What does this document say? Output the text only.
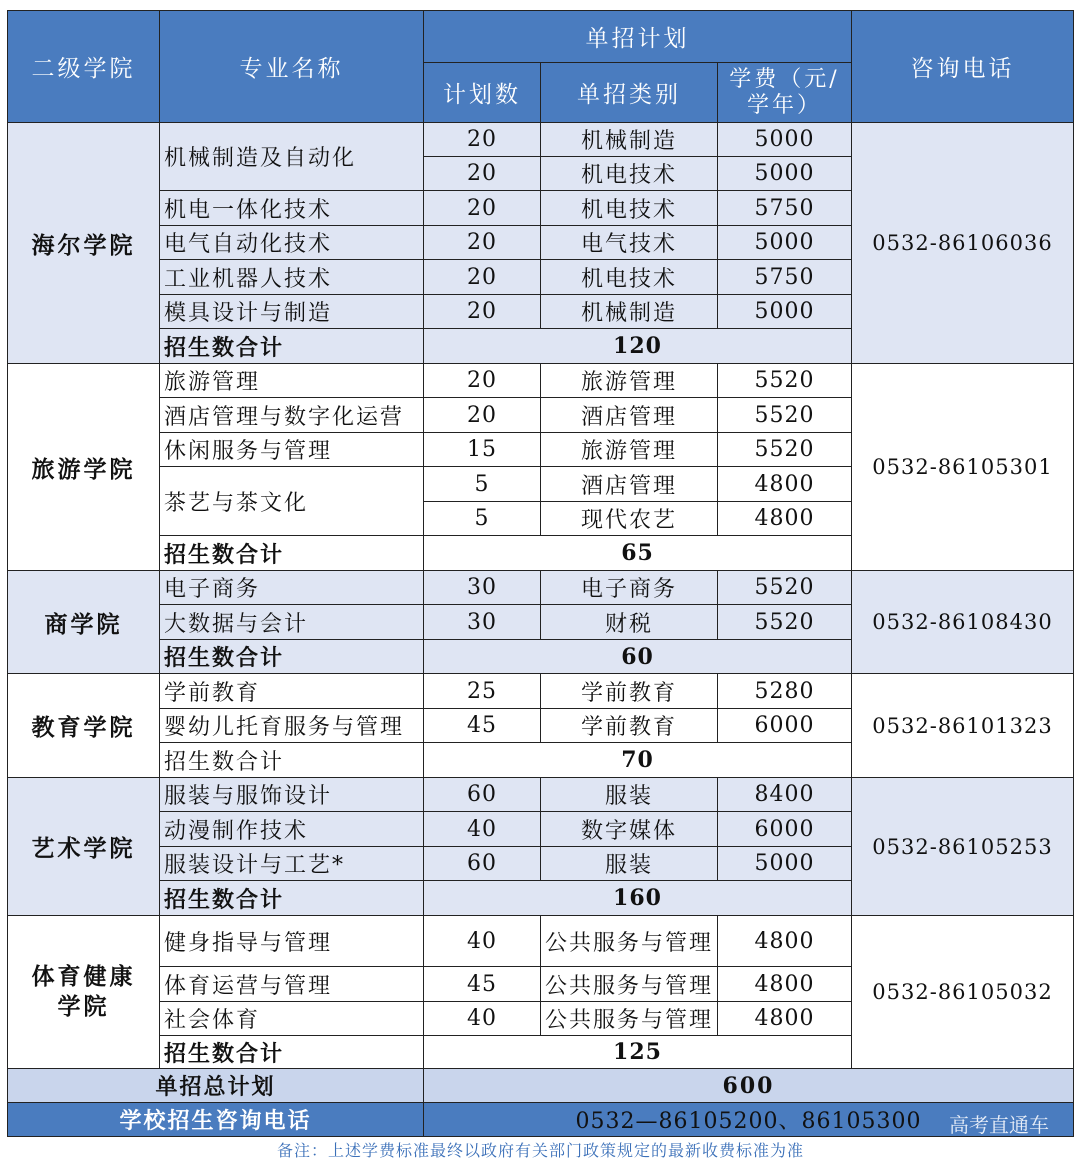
二级学院	专业名称	单招计划			咨询电话
		计划数	单招类别	学费（元/学年）	
海尔学院	机械制造及自动化	20	机械制造	5000	0532-86106036
		20	机电技术	5000	
	机电一体化技术	20	机电技术	5750	
	电气自动化技术	20	电气技术	5000	
	工业机器人技术	20	机电技术	5750	
	模具设计与制造	20	机械制造	5000	
	招生数合计	120			
旅游学院	旅游管理	20	旅游管理	5520	0532-86105301
	酒店管理与数字化运营	20	酒店管理	5520	
	休闲服务与管理	15	旅游管理	5520	
	茶艺与茶文化	5	酒店管理	4800	
		5	现代农艺	4800	
	招生数合计	65			
商学院	电子商务	30	电子商务	5520	0532-86108430
	大数据与会计	30	财税	5520	
	招生数合计	60			
教育学院	学前教育	25	学前教育	5280	0532-86101323
	婴幼儿托育服务与管理	45	学前教育	6000	
	招生数合计	70			
艺术学院	服装与服饰设计	60	服装	8400	0532-86105253
	动漫制作技术	40	数字媒体	6000	
	服装设计与工艺*	60	服装	5000	
	招生数合计	160			
体育健康学院	健身指导与管理	40	公共服务与管理	4800	0532-86105032
	体育运营与管理	45	公共服务与管理	4800	
	社会体育	40	公共服务与管理	4800	
	招生数合计	125			
单招总计划		600			
学校招生咨询电话		0532—86105200、86105300 高考直通车			

备注：上述学费标准最终以政府有关部门政策规定的最新收费标准为准					
